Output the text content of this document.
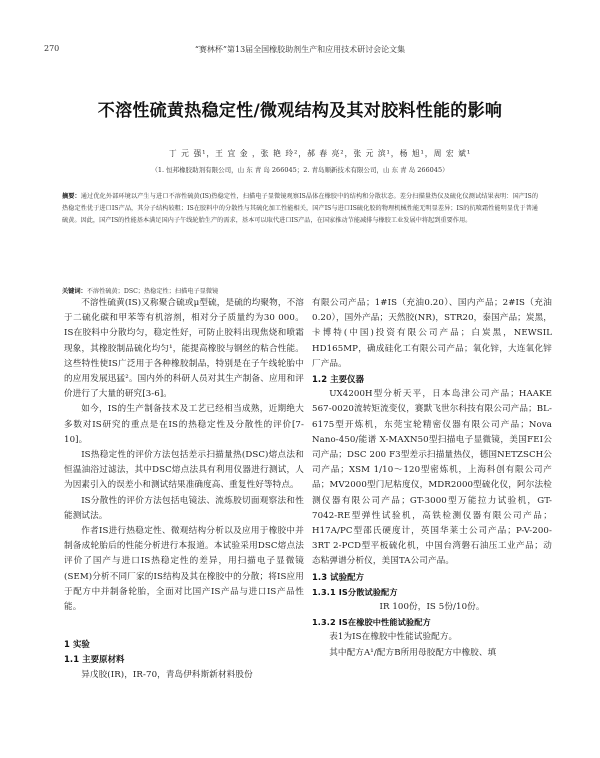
270	“赛林杯”第13届全国橡胶助剂生产和应用技术研讨会论文集
不溶性硫黄热稳定性/微观结构及其对胶料性能的影响
丁 元 强¹，王 宜 金 ，张 艳 玲²，郝 春 亮²，张 元 滨¹，杨 旭¹，周 宏 斌¹
（1. 恒邦橡胶助剂有限公司，山 东 青 岛 266045；2. 青岛顺新技术有限公司，山 东 青 岛 266045）
摘要：通过优化外部环境以产生与进口不溶性硫黄(IS)热稳定性，扫描电子显微镜观察IS晶体在橡胶中的结构和分散状态。差分扫描量热仪及硫化仪测试结果表明：国产IS的热稳定性优于进口IS产品，其分子结构较粗；IS在胶料中的分散性与其硫化加工性能相关，国产IS与进口IS硫化胶的物理机械性能无明显差异；IS的抗喷霜性能明显优于普通硫黄。因此，国产IS的性能基本满足国内子午线轮胎生产的需求，基本可以取代进口IS产品，在国家推动节能减排与橡胶工业发展中将起到重要作用。
关键词：不溶性硫黄；DSC；热稳定性；扫描电子显微镜

不溶性硫黄(IS)又称聚合硫或μ型硫，是硫的均聚物，不溶于二硫化碳和甲苯等有机溶剂，相对分子质量约为30 000。IS在胶料中分散均匀，稳定性好，可防止胶料出现焦烧和喷霜现象，其橡胶制品硫化均匀¹，能提高橡胶与钢丝的粘合性能。这些特性使IS广泛用于各种橡胶制品，特别是在子午线轮胎中的应用发展迅猛²。国内外的科研人员对其生产制备、应用和评价进行了大量的研究[3-6]。

如今，IS的生产制备技术及工艺已经相当成熟，近期绝大多数对IS研究的重点是在IS的热稳定性及分散性的评价[7-10]。

IS热稳定性的评价方法包括差示扫描量热(DSC)熔点法和恒温油浴过滤法，其中DSC熔点法具有利用仪器进行测试，人为因素引入的误差小和测试结果准确度高、重复性好等特点。

IS分散性的评价方法包括电镜法、流炼胶切面观察法和性能测试法。

作者IS进行热稳定性、微观结构分析以及应用于橡胶中并制备成轮胎后的性能分析进行本报道。本试验采用DSC熔点法评价了国产与进口IS热稳定性的差异，用扫描电子显微镜(SEM)分析不同厂家的IS结构及其在橡胶中的分散；将IS应用于配方中并制备轮胎，全面对比国产IS产品与进口IS产品性能。

1 实验
1.1 主要原材料

异戊胶(IR)，IR-70，青岛伊科斯新材料股份

有限公司产品；1#IS（充油0.20）、国内产品；2#IS（充油0.20），国外产品；天然胶(NR)，STR20，泰国产品；炭黑，卡博特(中国)投资有限公司产品；白炭黑，NEWSIL HD165MP，确成硅化工有限公司产品；氧化锌，大连氧化锌厂产品。

1.2 主要仪器

UX4200H型分析天平，日本岛津公司产品；HAAKE 567-0020流转矩流变仪，赛默飞世尔科技有限公司产品；BL-6175型开炼机，东莞宝轮精密仪器有限公司产品；Nova Nano-450/能谱 X-MAXN50型扫描电子显微镜，美国FEI公司产品；DSC 200 F3型差示扫描量热仪，德国NETZSCH公司产品；XSM 1/10～120型密炼机，上海科创有限公司产品；MV2000型门尼粘度仪，MDR2000型硫化仪，阿尔法检测仪器有限公司产品；GT-3000型万能拉力试验机，GT-7042-RE型弹性试验机，高铁检测仪器有限公司产品；H17A/PC型邵氏硬度计，英国华莱士公司产品；P-V-200-3RT 2-PCD型平板硫化机，中国台湾磐石油压工业产品；动态粘弹谱分析仪，美国TA公司产品。

1.3 试验配方
1.3.1 IS分散试验配方

IR 100份，IS 5份/10份。

1.3.2 IS在橡胶中性能试验配方

表1为IS在橡胶中性能试验配方。

其中配方A¹/配方B所用母胶配方中橡胶、填
